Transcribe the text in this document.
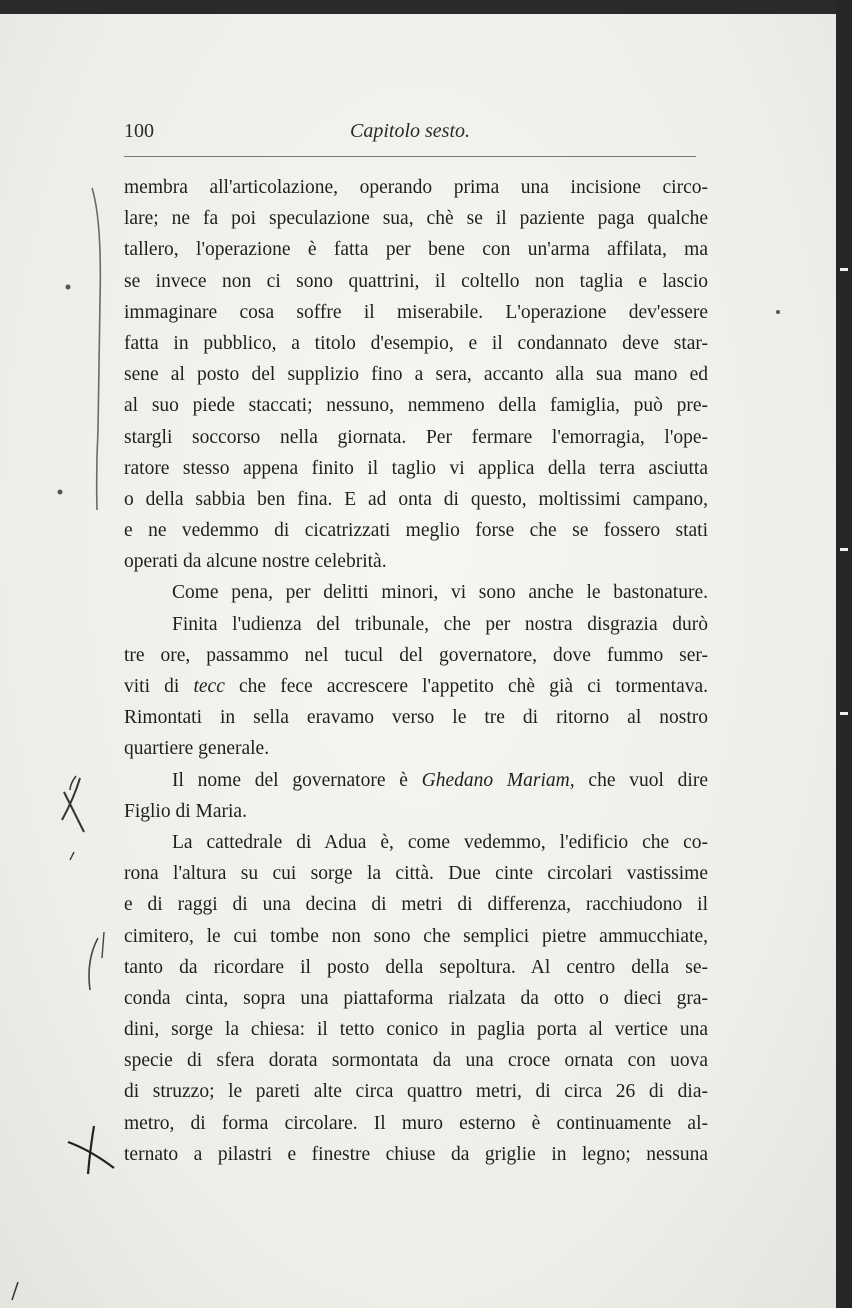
100	Capitolo sesto.
membra all'articolazione, operando prima una incisione circo-
lare; ne fa poi speculazione sua, chè se il paziente paga qualche
tallero, l'operazione è fatta per bene con un'arma affilata, ma
se invece non ci sono quattrini, il coltello non taglia e lascio
immaginare cosa soffre il miserabile. L'operazione dev'essere
fatta in pubblico, a titolo d'esempio, e il condannato deve star-
sene al posto del supplizio fino a sera, accanto alla sua mano ed
al suo piede staccati; nessuno, nemmeno della famiglia, può pre-
stargli soccorso nella giornata. Per fermare l'emorragia, l'ope-
ratore stesso appena finito il taglio vi applica della terra asciutta
o della sabbia ben fina. E ad onta di questo, moltissimi campano,
e ne vedemmo di cicatrizzati meglio forse che se fossero stati
operati da alcune nostre celebrità.
Come pena, per delitti minori, vi sono anche le bastonature.
Finita l'udienza del tribunale, che per nostra disgrazia durò
tre ore, passammo nel tucul del governatore, dove fummo ser-
viti di tecc che fece accrescere l'appetito chè già ci tormentava.
Rimontati in sella eravamo verso le tre di ritorno al nostro
quartiere generale.
Il nome del governatore è Ghedano Mariam, che vuol dire
Figlio di Maria.
La cattedrale di Adua è, come vedemmo, l'edificio che co-
rona l'altura su cui sorge la città. Due cinte circolari vastissime
e di raggi di una decina di metri di differenza, racchiudono il
cimitero, le cui tombe non sono che semplici pietre ammucchiate,
tanto da ricordare il posto della sepoltura. Al centro della se-
conda cinta, sopra una piattaforma rialzata da otto o dieci gra-
dini, sorge la chiesa: il tetto conico in paglia porta al vertice una
specie di sfera dorata sormontata da una croce ornata con uova
di struzzo; le pareti alte circa quattro metri, di circa 26 di dia-
metro, di forma circolare. Il muro esterno è continuamente al-
ternato a pilastri e finestre chiuse da griglie in legno; nessuna
